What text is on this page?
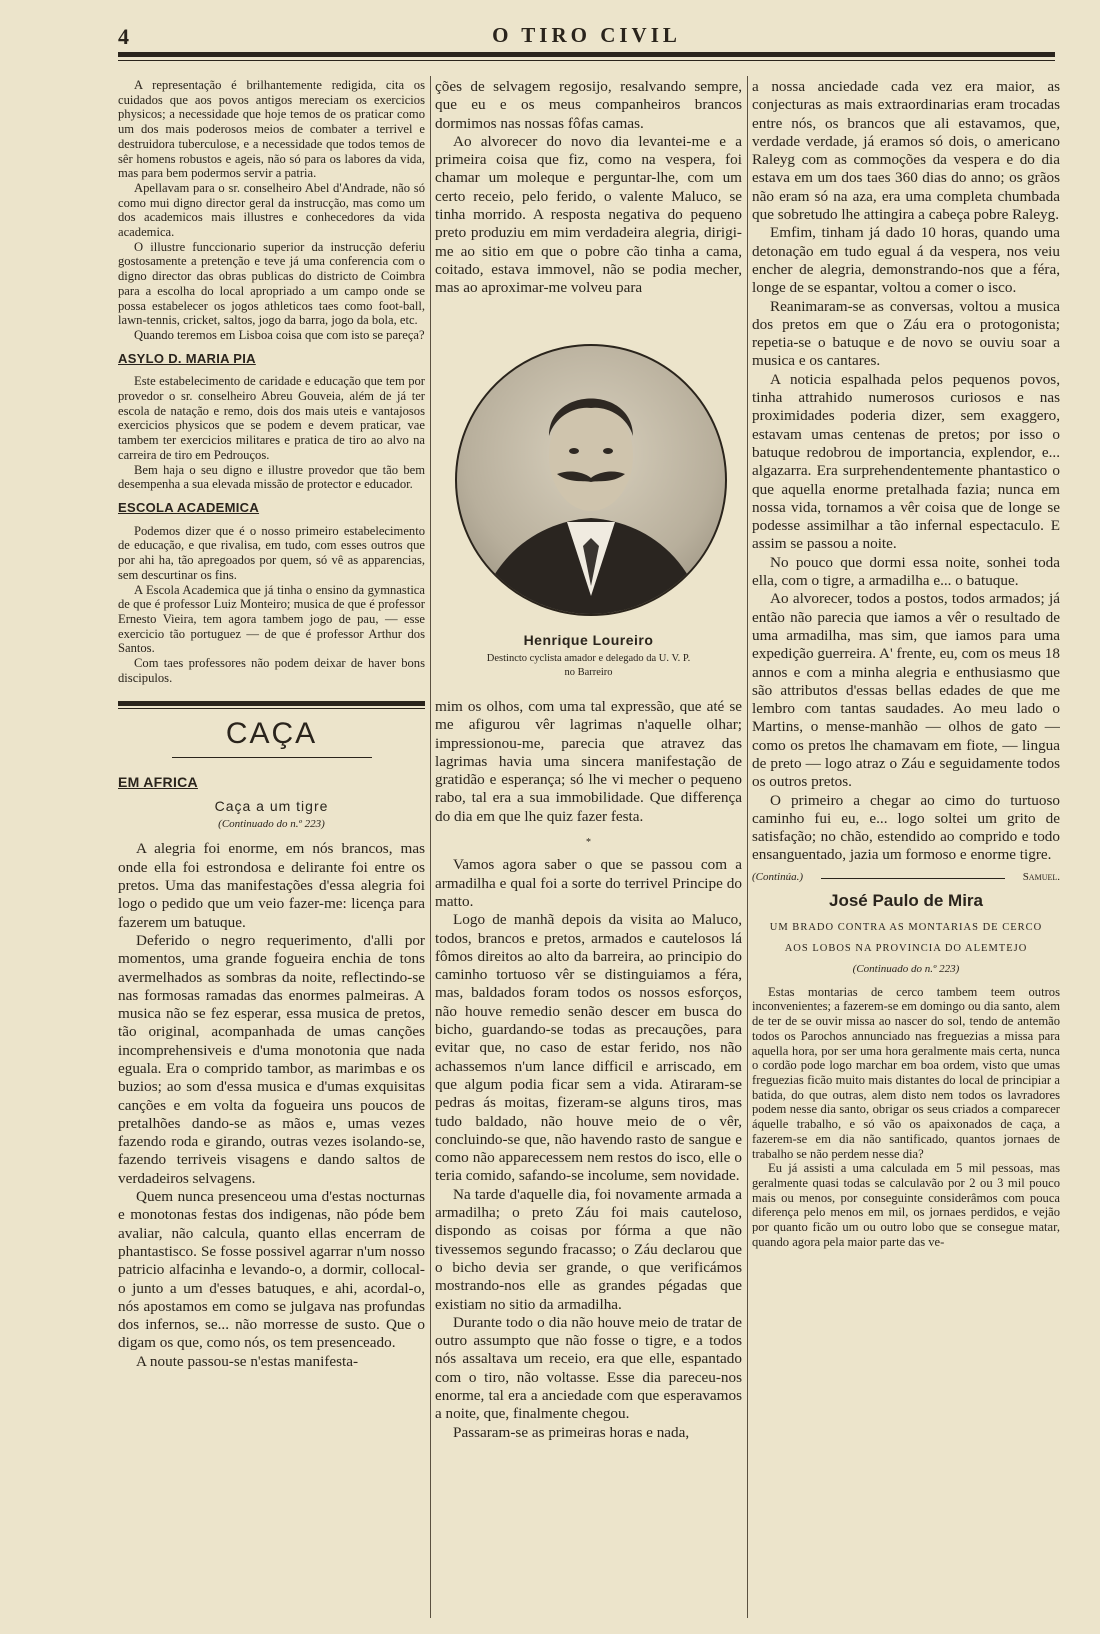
4	O TIRO CIVIL

A representação é brilhantemente redigida, cita os cuidados que aos povos antigos mereciam os exercicios physicos; a necessidade que hoje temos de os praticar como um dos mais poderosos meios de combater a terrivel e destruidora tuberculose, e a necessidade que todos temos de sêr homens robustos e ageis, não só para os labores da vida, mas para bem podermos servir a patria.

Apellavam para o sr. conselheiro Abel d'Andrade, não só como mui digno director geral da instrucção, mas como um dos academicos mais illustres e conhecedores da vida academica.

O illustre funccionario superior da instrucção deferiu gostosamente a pretenção e teve já uma conferencia com o digno director das obras publicas do districto de Coimbra para a escolha do local apropriado a um campo onde se possa estabelecer os jogos athleticos taes como foot-ball, lawn-tennis, cricket, saltos, jogo da barra, jogo da bola, etc.

Quando teremos em Lisboa coisa que com isto se pareça?

ASYLO D. MARIA PIA

Este estabelecimento de caridade e educação que tem por provedor o sr. conselheiro Abreu Gouveia, além de já ter escola de natação e remo, dois dos mais uteis e vantajosos exercicios physicos que se podem e devem praticar, vae tambem ter exercicios militares e pratica de tiro ao alvo na carreira de tiro em Pedrouços.

Bem haja o seu digno e illustre provedor que tão bem desempenha a sua elevada missão de protector e educador.

ESCOLA ACADEMICA

Podemos dizer que é o nosso primeiro estabelecimento de educação, e que rivalisa, em tudo, com esses outros que por ahi ha, tão apregoados por quem, só vê as apparencias, sem descurtinar os fins.

A Escola Academica que já tinha o ensino da gymnastica de que é professor Luiz Monteiro; musica de que é professor Ernesto Vieira, tem agora tambem jogo de pau, — esse exercicio tão portuguez — de que é professor Arthur dos Santos.

Com taes professores não podem deixar de haver bons discipulos.

CAÇA
EM AFRICA
Caça a um tigre
(Continuado do n.º 223)

A alegria foi enorme, em nós brancos, mas onde ella foi estrondosa e delirante foi entre os pretos. Uma das manifestações d'essa alegria foi logo o pedido que um veio fazer-me: licença para fazerem um batuque.

Deferido o negro requerimento, d'alli por momentos, uma grande fogueira enchia de tons avermelhados as sombras da noite, reflectindo-se nas formosas ramadas das enormes palmeiras. A musica não se fez esperar, essa musica de pretos, tão original, acompanhada de umas canções incomprehensiveis e d'uma monotonia que nada eguala. Era o comprido tambor, as marimbas e os buzios; ao som d'essa musica e d'umas exquisitas canções e em volta da fogueira uns poucos de pretalhões dando-se as mãos e, umas vezes fazendo roda e girando, outras vezes isolando-se, fazendo terriveis visagens e dando saltos de verdadeiros selvagens.

Quem nunca presenceou uma d'estas nocturnas e monotonas festas dos indigenas, não póde bem avaliar, não calcula, quanto ellas encerram de phantastisco. Se fosse possivel agarrar n'um nosso patricio alfacinha e levando-o, a dormir, collocal-o junto a um d'esses batuques, e ahi, acordal-o, nós apostamos em como se julgava nas profundas dos infernos, se... não morresse de susto. Que o digam os que, como nós, os tem presenceado.

A noute passou-se n'estas manifesta-

ções de selvagem regosijo, resalvando sempre, que eu e os meus companheiros brancos dormimos nas nossas fôfas camas.

Ao alvorecer do novo dia levantei-me e a primeira coisa que fiz, como na vespera, foi chamar um moleque e perguntar-lhe, com um certo receio, pelo ferido, o valente Maluco, se tinha morrido. A resposta negativa do pequeno preto produziu em mim verdadeira alegria, dirigi-me ao sitio em que o pobre cão tinha a cama, coitado, estava immovel, não se podia mecher, mas ao aproximar-me volveu para

Henrique Loureiro
Destincto cyclista amador e delegado da U. V. P.
no Barreiro

mim os olhos, com uma tal expressão, que até se me afigurou vêr lagrimas n'aquelle olhar; impressionou-me, parecia que atravez das lagrimas havia uma sincera manifestação de gratidão e esperança; só lhe vi mecher o pequeno rabo, tal era a sua immobilidade. Que differença do dia em que lhe quiz fazer festa.

*

Vamos agora saber o que se passou com a armadilha e qual foi a sorte do terrivel Principe do matto.

Logo de manhã depois da visita ao Maluco, todos, brancos e pretos, armados e cautelosos lá fômos direitos ao alto da barreira, ao principio do caminho tortuoso vêr se distinguiamos a féra, mas, baldados foram todos os nossos esforços, não houve remedio senão descer em busca do bicho, guardando-se todas as precauções, para evitar que, no caso de estar ferido, nos não achassemos n'um lance difficil e arriscado, em que algum podia ficar sem a vida. Atiraram-se pedras ás moitas, fizeram-se alguns tiros, mas tudo baldado, não houve meio de o vêr, concluindo-se que, não havendo rasto de sangue e como não apparecessem nem restos do isco, elle o teria comido, safando-se incolume, sem novidade.

Na tarde d'aquelle dia, foi novamente armada a armadilha; o preto Záu foi mais cauteloso, dispondo as coisas por fórma a que não tivessemos segundo fracasso; o Záu declarou que o bicho devia ser grande, o que verificámos mostrando-nos elle as grandes pégadas que existiam no sitio da armadilha.

Durante todo o dia não houve meio de tratar de outro assumpto que não fosse o tigre, e a todos nós assaltava um receio, era que elle, espantado com o tiro, não voltasse. Esse dia pareceu-nos enorme, tal era a anciedade com que esperavamos a noite, que, finalmente chegou.

Passaram-se as primeiras horas e nada,

a nossa anciedade cada vez era maior, as conjecturas as mais extraordinarias eram trocadas entre nós, os brancos que ali estavamos, que, verdade verdade, já eramos só dois, o americano Raleyg com as commoções da vespera e do dia estava em um dos taes 360 dias do anno; os grãos não eram só na aza, era uma completa chumbada que sobretudo lhe attingira a cabeça pobre Raleyg.

Emfim, tinham já dado 10 horas, quando uma detonação em tudo egual á da vespera, nos veiu encher de alegria, demonstrando-nos que a féra, longe de se espantar, voltou a comer o isco.

Reanimaram-se as conversas, voltou a musica dos pretos em que o Záu era o protogonista; repetia-se o batuque e de novo se ouviu soar a musica e os cantares.

A noticia espalhada pelos pequenos povos, tinha attrahido numerosos curiosos e nas proximidades poderia dizer, sem exaggero, estavam umas centenas de pretos; por isso o batuque redobrou de importancia, explendor, e... algazarra. Era surprehendentemente phantastico o que aquella enorme pretalhada fazia; nunca em nossa vida, tornamos a vêr coisa que de longe se podesse assimilhar a tão infernal espectaculo. E assim se passou a noite.

No pouco que dormi essa noite, sonhei toda ella, com o tigre, a armadilha e... o batuque.

Ao alvorecer, todos a postos, todos armados; já então não parecia que iamos a vêr o resultado de uma armadilha, mas sim, que iamos para uma expedição guerreira. A' frente, eu, com os meus 18 annos e com a minha alegria e enthusiasmo que são attributos d'essas bellas edades de que me lembro com tantas saudades. Ao meu lado o Martins, o mense-manhão — olhos de gato — como os pretos lhe chamavam em fiote, — lingua de preto — logo atraz o Záu e seguidamente todos os outros pretos.

O primeiro a chegar ao cimo do turtuoso caminho fui eu, e... logo soltei um grito de satisfação; no chão, estendido ao comprido e todo ensanguentado, jazia um formoso e enorme tigre.

(Continúa.)	Samuel.
José Paulo de Mira
UM BRADO CONTRA AS MONTARIAS DE CERCO
AOS LOBOS NA PROVINCIA DO ALEMTEJO
(Continuado do n.º 223)

Estas montarias de cerco tambem teem outros inconvenientes; a fazerem-se em domingo ou dia santo, alem de ter de se ouvir missa ao nascer do sol, tendo de antemão todos os Parochos annunciado nas freguezias a missa para aquella hora, por ser uma hora geralmente mais certa, nunca o cordão pode logo marchar em boa ordem, visto que umas freguezias ficão muito mais distantes do local de principiar a batida, do que outras, alem disto nem todos os lavradores podem nesse dia santo, obrigar os seus criados a comparecer áquelle trabalho, e só vão os apaixonados de caça, a fazerem-se em dia não santificado, quantos jornaes de trabalho se não perdem nesse dia?

Eu já assisti a uma calculada em 5 mil pessoas, mas geralmente quasi todas se calculavão por 2 ou 3 mil pouco mais ou menos, por conseguinte considerâmos com pouca diferença pelo menos em mil, os jornaes perdidos, e vejão por quanto ficão um ou outro lobo que se consegue matar, quando agora pela maior parte das ve-
